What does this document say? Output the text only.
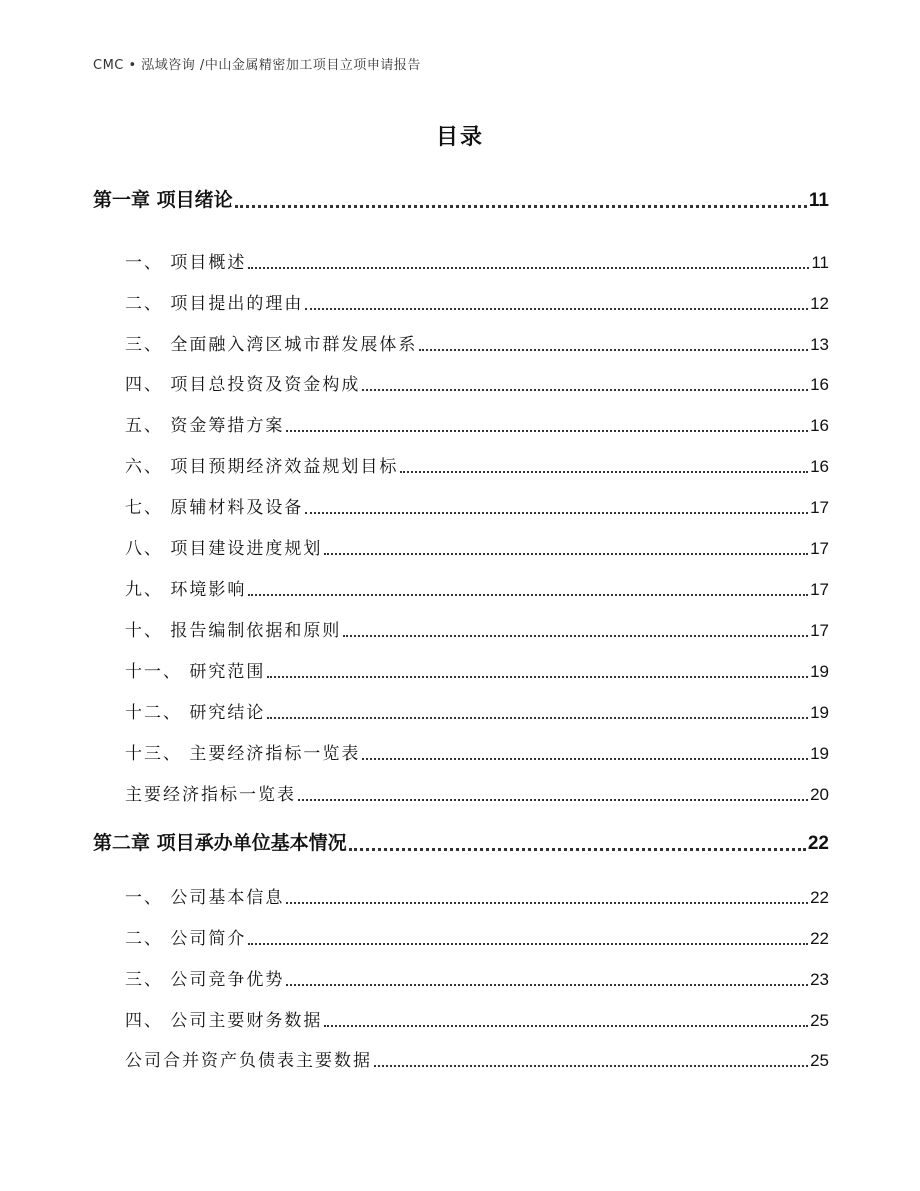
CMC • 泓域咨询 /中山金属精密加工项目立项申请报告
目录
第一章 项目绪论	11
一、 项目概述	11
二、 项目提出的理由	12
三、 全面融入湾区城市群发展体系	13
四、 项目总投资及资金构成	16
五、 资金筹措方案	16
六、 项目预期经济效益规划目标	16
七、 原辅材料及设备	17
八、 项目建设进度规划	17
九、 环境影响	17
十、 报告编制依据和原则	17
十一、 研究范围	19
十二、 研究结论	19
十三、 主要经济指标一览表	19
主要经济指标一览表	20
第二章 项目承办单位基本情况	22
一、 公司基本信息	22
二、 公司简介	22
三、 公司竞争优势	23
四、 公司主要财务数据	25
公司合并资产负债表主要数据	25
